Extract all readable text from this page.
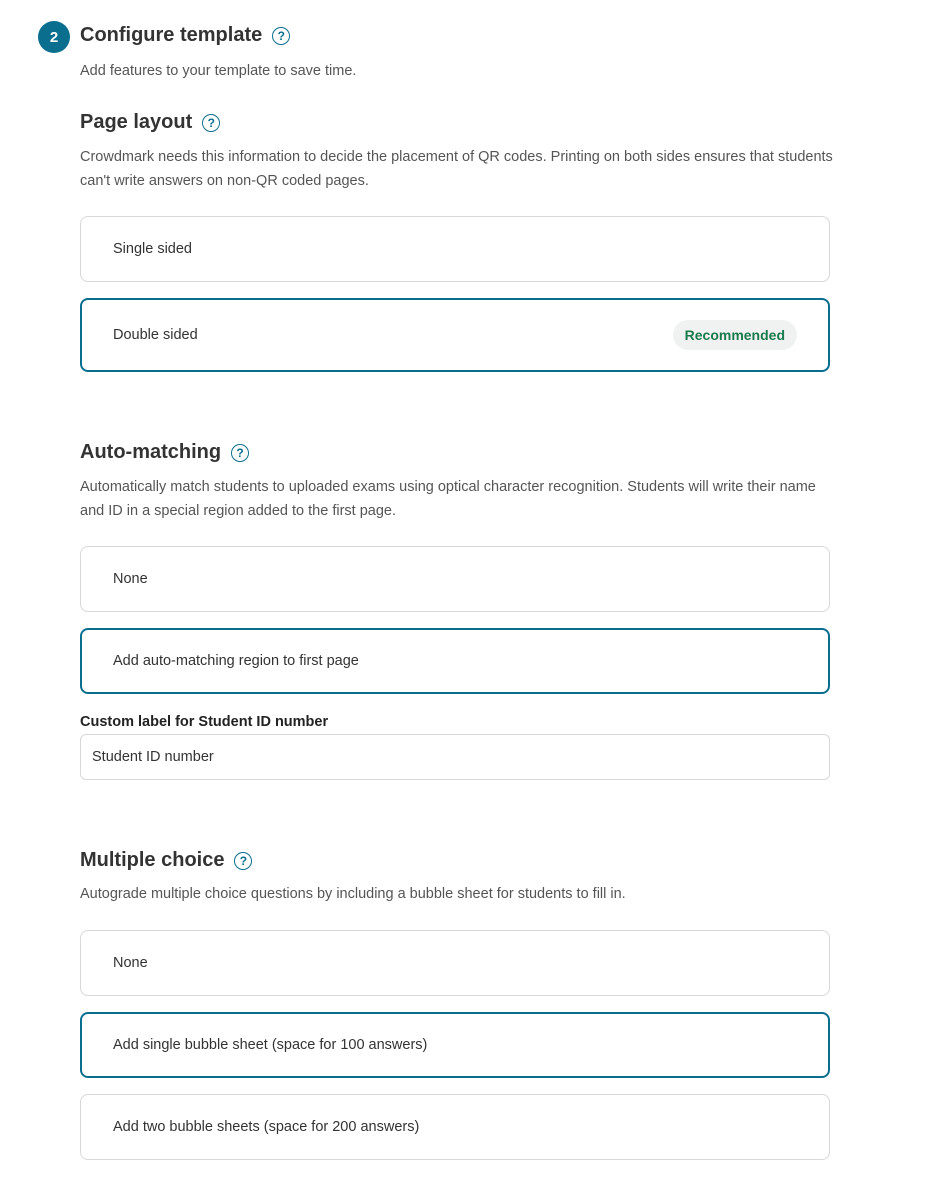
2	Configure template	?
Add features to your template to save time.
Page layout	?
Crowdmark needs this information to decide the placement of QR codes. Printing on both sides ensures that students can't write answers on non-QR coded pages.
Single sided
Double sided	Recommended
Auto-matching	?
Automatically match students to uploaded exams using optical character recognition. Students will write their name and ID in a special region added to the first page.
None
Add auto-matching region to first page
Custom label for Student ID number
Student ID number
Multiple choice	?
Autograde multiple choice questions by including a bubble sheet for students to fill in.
None
Add single bubble sheet (space for 100 answers)
Add two bubble sheets (space for 200 answers)
